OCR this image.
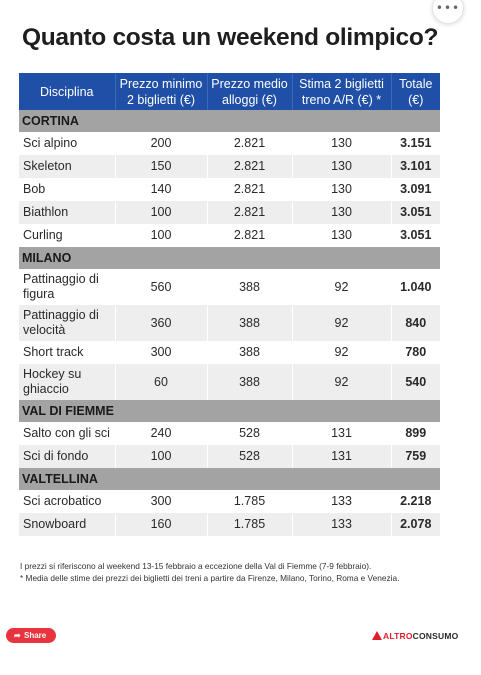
•••
Quanto costa un weekend olimpico?
Disciplina	Prezzo minimo 2 biglietti (€)	Prezzo medio alloggi (€)	Stima 2 biglietti treno A/R (€) *	Totale (€)
CORTINA				
Sci alpino	200	2.821	130	3.151
Skeleton	150	2.821	130	3.101
Bob	140	2.821	130	3.091
Biathlon	100	2.821	130	3.051
Curling	100	2.821	130	3.051
MILANO				
Pattinaggio di figura	560	388	92	1.040
Pattinaggio di velocità	360	388	92	840
Short track	300	388	92	780
Hockey su ghiaccio	60	388	92	540
VAL DI FIEMME				
Salto con gli sci	240	528	131	899
Sci di fondo	100	528	131	759
VALTELLINA				
Sci acrobatico	300	1.785	133	2.218
Snowboard	160	1.785	133	2.078
I prezzi si riferiscono al weekend 13-15 febbraio a eccezione della Val di Fiemme (7-9 febbraio).
* Media delle stime dei prezzi dei biglietti dei treni a partire da Firenze, Milano, Torino, Roma e Venezia.
➦ Share	ALTROCONSUMO
